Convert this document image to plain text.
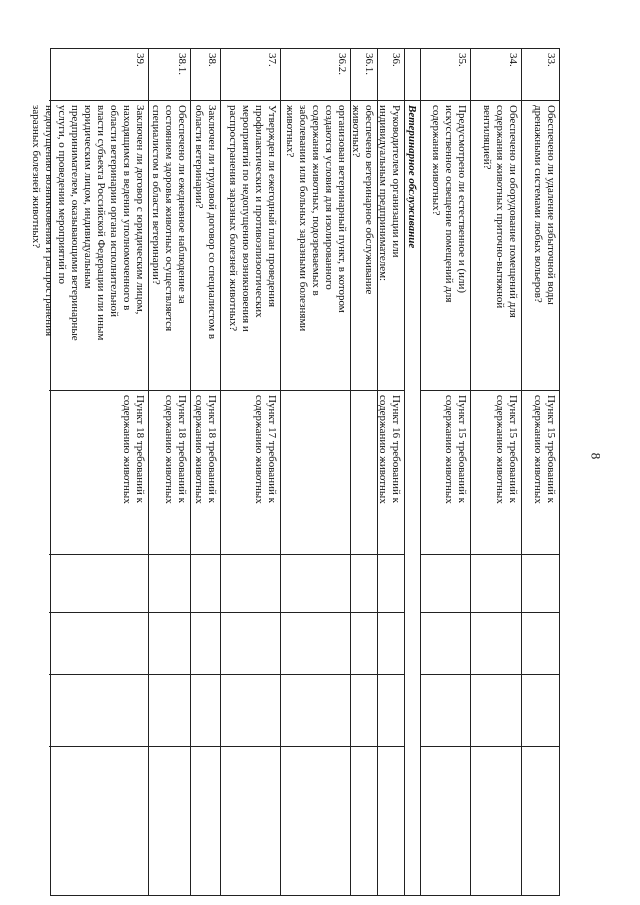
8
33.
Обеспечено ли удаление избыточной воды
дренажными системами любых вольеров?
Пункт 15 требований к
содержанию животных
34.
Обеспечено ли оборудование помещений для
содержания животных приточно-вытяжной
вентиляцией?
Пункт 15 требований к
содержанию животных
35.
Предусмотрено ли естественное и (или)
искусственное освещение помещений для
содержания животных?
Пункт 15 требований к
содержанию животных
Ветеринарное обслуживание
36.
Руководителем организации или
индивидуальным предпринимателем:
Пункт 16 требований к
содержанию животных
36.1.
обеспечено ветеринарное обслуживание
животных?
36.2.
организован ветеринарный пункт, в котором
создаются условия для изолированного
содержания животных, подозреваемых в
заболевании или больных заразными болезнями
животных?
37.
Утвержден ли ежегодный план проведения
профилактических и противоэпизоотических
мероприятий по недопущению возникновения и
распространения заразных болезней животных?
Пункт 17 требований к
содержанию животных
38.
Заключен ли трудовой договор со специалистом в
области ветеринарии?
Пункт 18 требований к
содержанию животных
38.1.
Обеспечено ли ежедневное наблюдение за
состоянием здоровья животных осуществляется
специалистом в области ветеринарии?
Пункт 18 требований к
содержанию животных
39.
Заключен ли договор с юридическим лицом,
находящимся в ведении уполномоченного в
области ветеринарии органа исполнительной
власти субъекта Российской Федерации или иным
юридическим лицом, индивидуальным
предпринимателем, оказывающими ветеринарные
услуги, о проведении мероприятий по
недопущению возникновения и распространения
заразных болезней животных?
Пункт 18 требований к
содержанию животных
